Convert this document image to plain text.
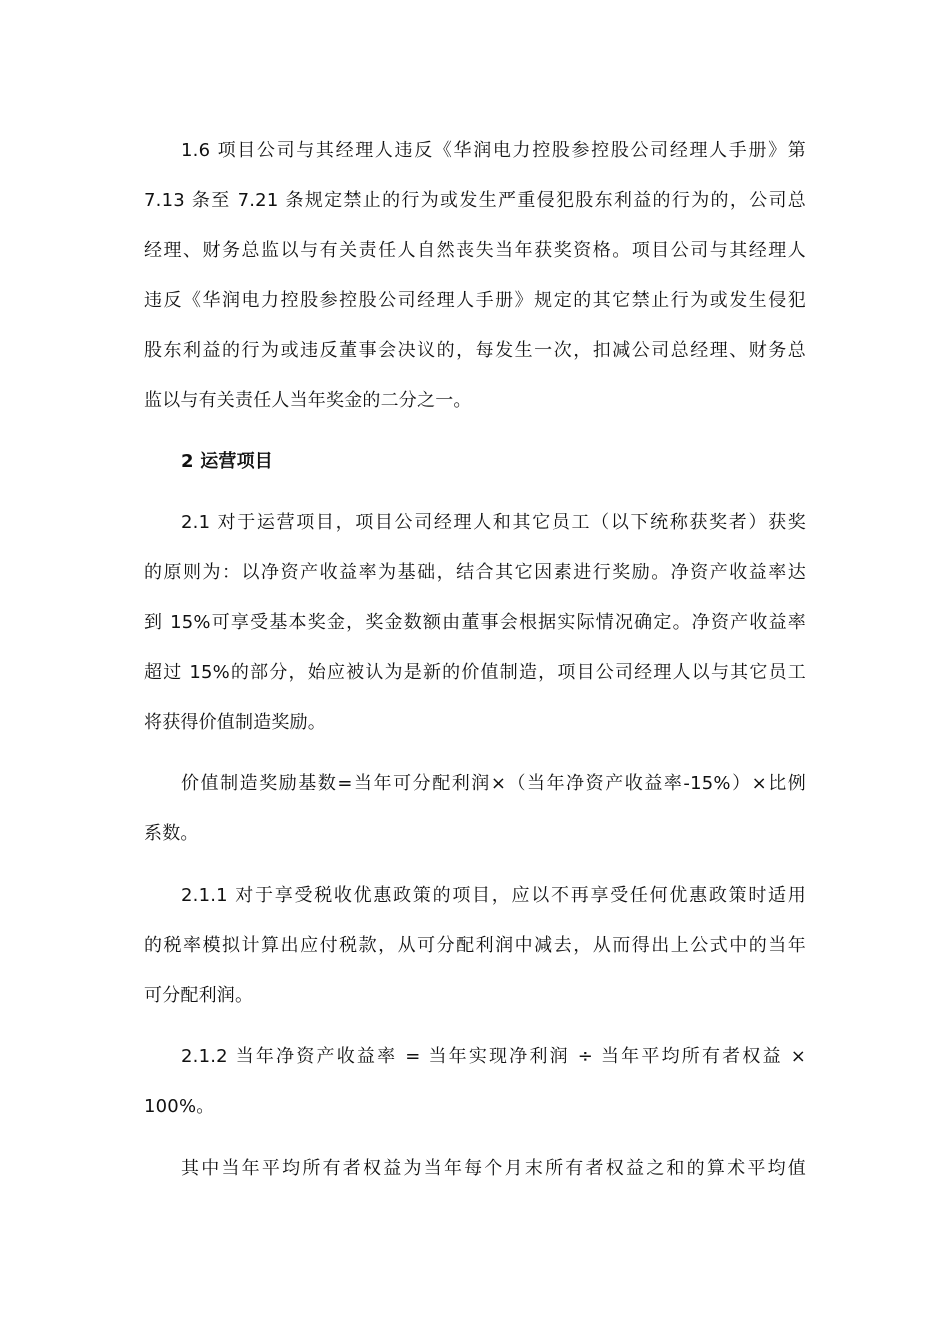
1.6 项目公司与其经理人违反《华润电力控股参控股公司经理人手册》第
7.13 条至 7.21 条规定禁止的行为或发生严重侵犯股东利益的行为的，公司总
经理、财务总监以与有关责任人自然丧失当年获奖资格。项目公司与其经理人
违反《华润电力控股参控股公司经理人手册》规定的其它禁止行为或发生侵犯
股东利益的行为或违反董事会决议的，每发生一次，扣减公司总经理、财务总
监以与有关责任人当年奖金的二分之一。
2 运营项目
2.1 对于运营项目，项目公司经理人和其它员工（以下统称获奖者）获奖
的原则为：以净资产收益率为基础，结合其它因素进行奖励。净资产收益率达
到 15%可享受基本奖金，奖金数额由董事会根据实际情况确定。净资产收益率
超过 15%的部分，始应被认为是新的价值制造，项目公司经理人以与其它员工
将获得价值制造奖励。
价值制造奖励基数=当年可分配利润×（当年净资产收益率-15%）×比例
系数。
2.1.1 对于享受税收优惠政策的项目，应以不再享受任何优惠政策时适用
的税率模拟计算出应付税款，从可分配利润中减去，从而得出上公式中的当年
可分配利润。
2.1.2 当年净资产收益率 = 当年实现净利润 ÷ 当年平均所有者权益 ×
100%。
其中当年平均所有者权益为当年每个月末所有者权益之和的算术平均值
